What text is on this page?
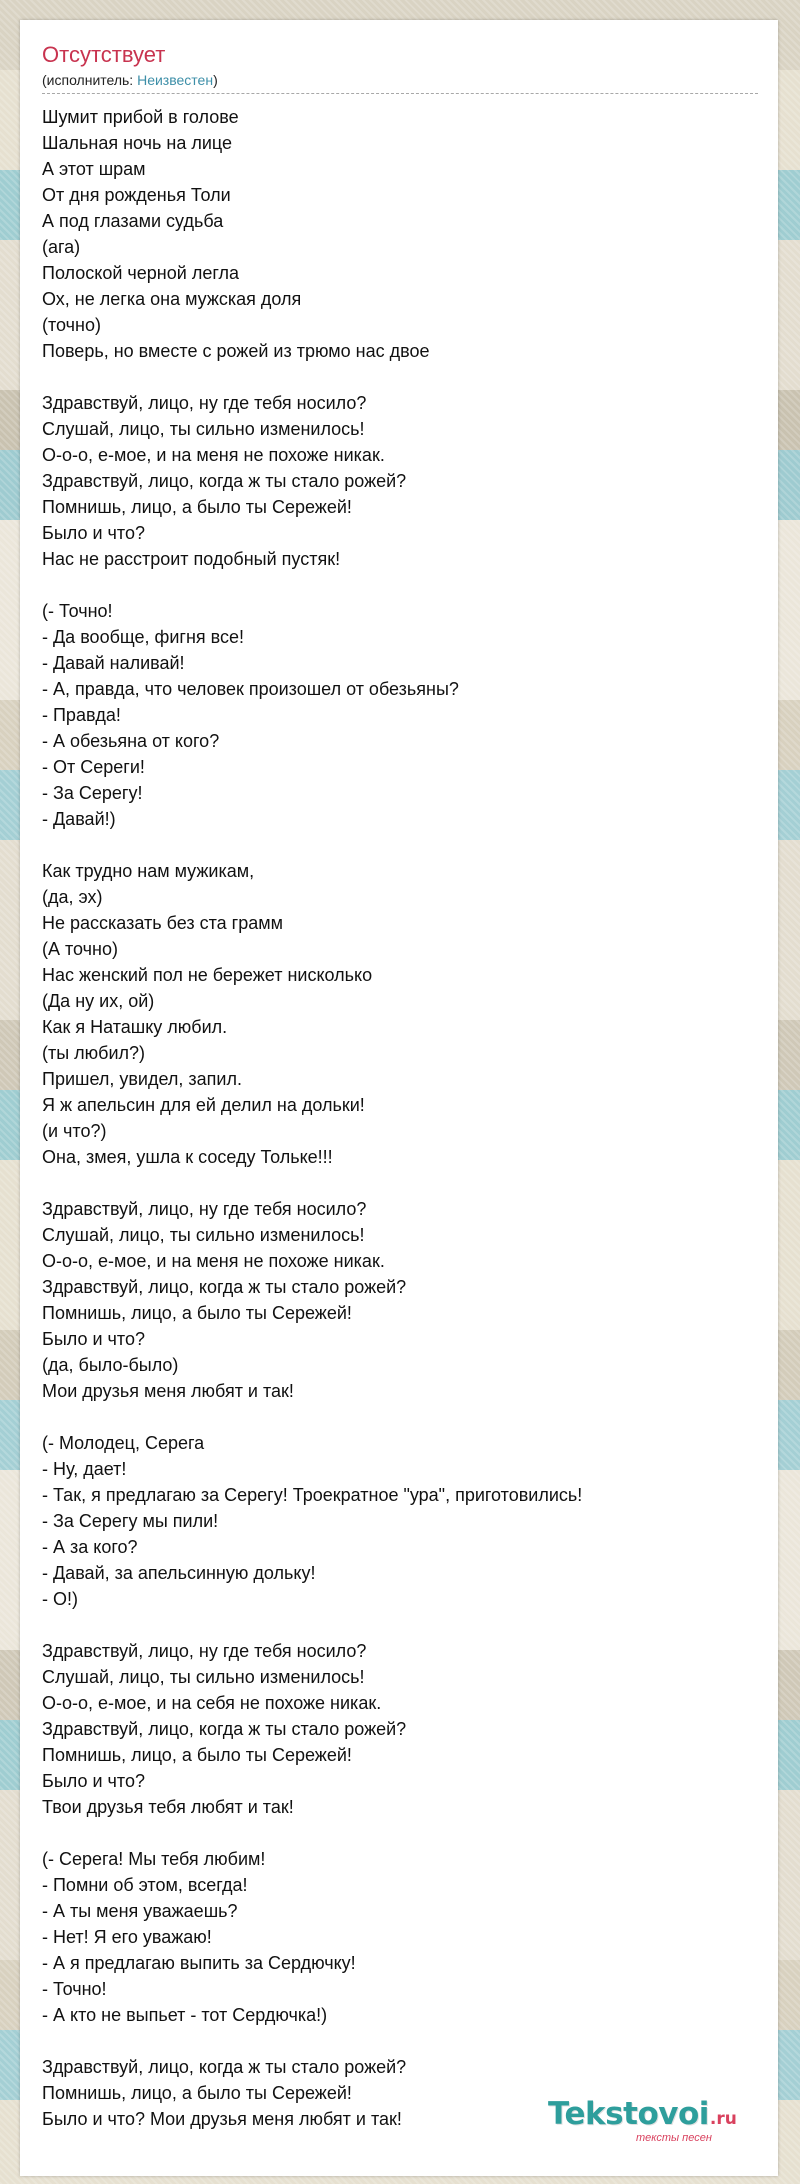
Отсутствует
(исполнитель: Неизвестен)
Шумит прибой в голове
Шальная ночь на лице
А этот шрам
От дня рожденья Толи
А под глазами судьба
(ага)
Полоской черной легла
Ох, не легка она мужская доля
(точно)
Поверь, но вместе с рожей из трюмо нас двое
Здравствуй, лицо, ну где тебя носило?
Слушай, лицо, ты сильно изменилось!
О-о-о, е-мое, и на меня не похоже никак.
Здравствуй, лицо, когда ж ты стало рожей?
Помнишь, лицо, а было ты Сережей!
Было и что?
Нас не расстроит подобный пустяк!
(- Точно!
- Да вообще, фигня все!
- Давай наливай!
- А, правда, что человек произошел от обезьяны?
- Правда!
- А обезьяна от кого?
- От Сереги!
- За Серегу!
- Давай!)
Как трудно нам мужикам,
(да, эх)
Не рассказать без ста грамм
(А точно)
Нас женский пол не бережет нисколько
(Да ну их, ой)
Как я Наташку любил.
(ты любил?)
Пришел, увидел, запил.
Я ж апельсин для ей делил на дольки!
(и что?)
Она, змея, ушла к соседу Тольке!!!
Здравствуй, лицо, ну где тебя носило?
Слушай, лицо, ты сильно изменилось!
О-о-о, е-мое, и на меня не похоже никак.
Здравствуй, лицо, когда ж ты стало рожей?
Помнишь, лицо, а было ты Сережей!
Было и что?
(да, было-было)
Мои друзья меня любят и так!
(- Молодец, Серега
- Ну, дает!
- Так, я предлагаю за Серегу! Троекратное "ура", приготовились!
- За Серегу мы пили!
- А за кого?
- Давай, за апельсинную дольку!
- О!)
Здравствуй, лицо, ну где тебя носило?
Слушай, лицо, ты сильно изменилось!
О-о-о, е-мое, и на себя не похоже никак.
Здравствуй, лицо, когда ж ты стало рожей?
Помнишь, лицо, а было ты Сережей!
Было и что?
Твои друзья тебя любят и так!
(- Серега! Мы тебя любим!
- Помни об этом, всегда!
- А ты меня уважаешь?
- Нет! Я его уважаю!
- А я предлагаю выпить за Сердючку!
- Точно!
- А кто не выпьет - тот Сердючка!)
Здравствуй, лицо, когда ж ты стало рожей?
Помнишь, лицо, а было ты Сережей!
Было и что? Мои друзья меня любят и так!	Tekstovoi.ru
тексты песен
